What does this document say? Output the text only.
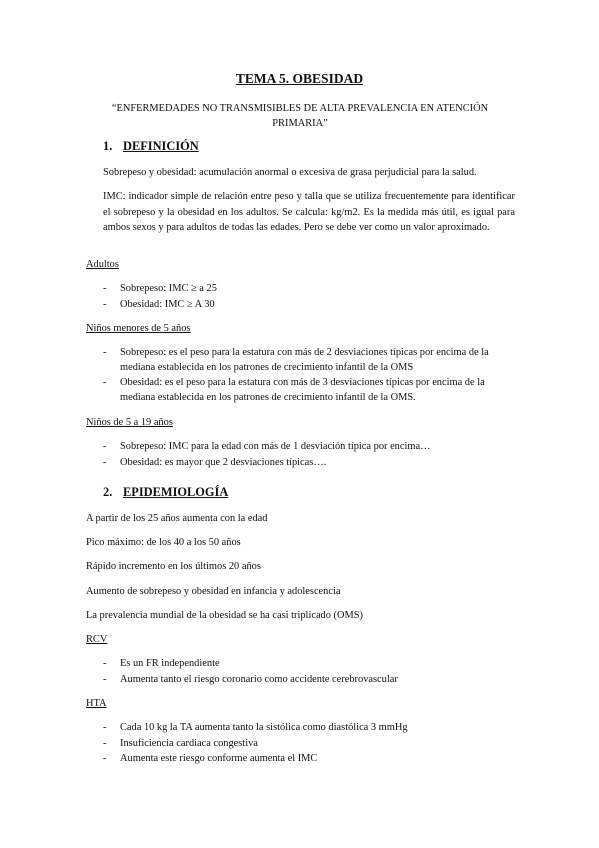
TEMA 5. OBESIDAD
“ENFERMEDADES NO TRANSMISIBLES DE ALTA PREVALENCIA EN ATENCIÓN PRIMARIA”
1. DEFINICIÓN
Sobrepeso y obesidad: acumulación anormal o excesiva de grasa perjudicial para la salud.
IMC: indicador simple de relación entre peso y talla que se utiliza frecuentemente para identificar el sobrepeso y la obesidad en los adultos. Se calcula: kg/m2. Es la medida más útil, es igual para ambos sexos y para adultos de todas las edades. Pero se debe ver como un valor aproximado.
Adultos
- Sobrepeso: IMC ≥ a 25
- Obesidad: IMC ≥ A 30
Niños menores de 5 años
- Sobrepeso: es el peso para la estatura con más de 2 desviaciones típicas por encima de la mediana establecida en los patrones de crecimiento infantil de la OMS
- Obesidad: es el peso para la estatura con más de 3 desviaciones típicas por encima de la mediana establecida en los patrones de crecimiento infantil de la OMS.
Niños de 5 a 19 años
- Sobrepeso: IMC para la edad con más de 1 desviación típica por encima…
- Obesidad: es mayor que 2 desviaciones típicas….
2. EPIDEMIOLOGÍA
A partir de los 25 años aumenta con la edad
Pico máximo: de los 40 a los 50 años
Rápido incremento en los últimos 20 años
Aumento de sobrepeso y obesidad en infancia y adolescencia
La prevalencia mundial de la obesidad se ha casi triplicado (OMS)
RCV
- Es un FR independiente
- Aumenta tanto el riesgo coronario como accidente cerebrovascular
HTA
- Cada 10 kg la TA aumenta tanto la sistólica como diastólica 3 mmHg
- Insuficiencia cardiaca congestiva
- Aumenta este riesgo conforme aumenta el IMC
